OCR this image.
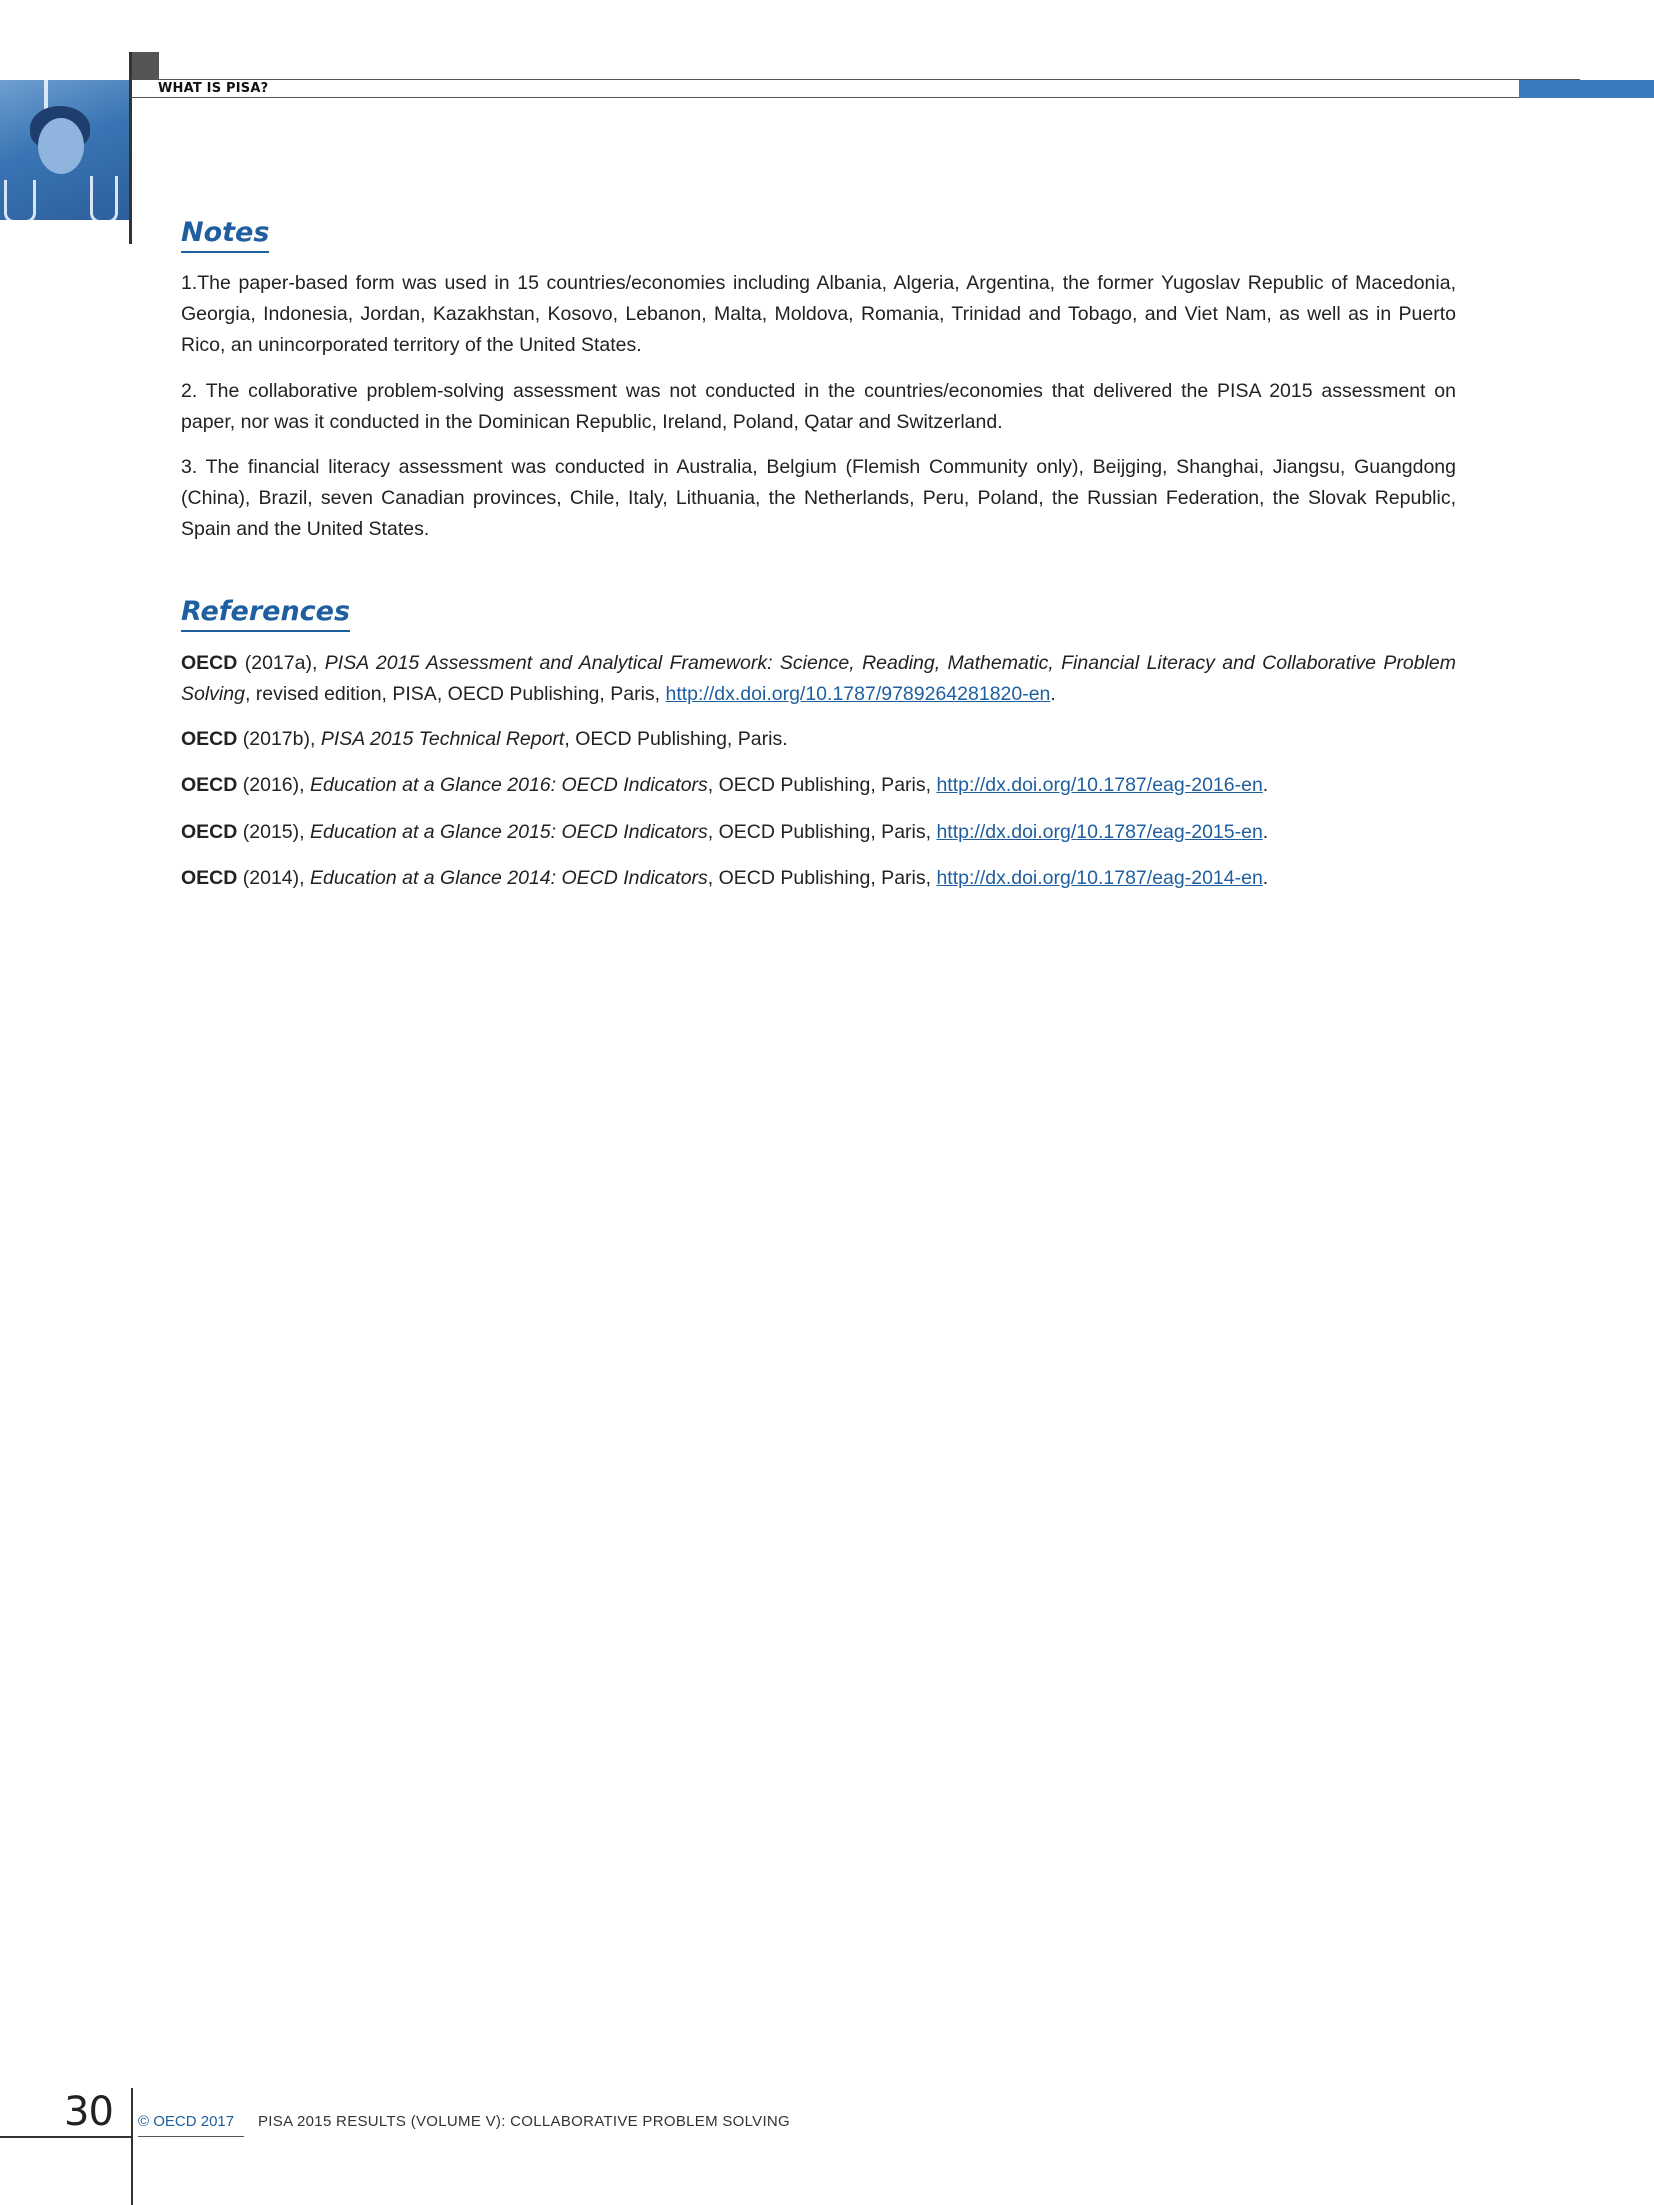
WHAT IS PISA?
Notes

1.The paper-based form was used in 15 countries/economies including Albania, Algeria, Argentina, the former Yugoslav Republic of Macedonia, Georgia, Indonesia, Jordan, Kazakhstan, Kosovo, Lebanon, Malta, Moldova, Romania, Trinidad and Tobago, and Viet Nam, as well as in Puerto Rico, an unincorporated territory of the United States.

2. The collaborative problem-solving assessment was not conducted in the countries/economies that delivered the PISA 2015 assessment on paper, nor was it conducted in the Dominican Republic, Ireland, Poland, Qatar and Switzerland.

3. The financial literacy assessment was conducted in Australia, Belgium (Flemish Community only), Beijging, Shanghai, Jiangsu, Guangdong (China), Brazil, seven Canadian provinces, Chile, Italy, Lithuania, the Netherlands, Peru, Poland, the Russian Federation, the Slovak Republic, Spain and the United States.

References

OECD (2017a), PISA 2015 Assessment and Analytical Framework: Science, Reading, Mathematic, Financial Literacy and Collaborative Problem Solving, revised edition, PISA, OECD Publishing, Paris, http://dx.doi.org/10.1787/9789264281820-en.

OECD (2017b), PISA 2015 Technical Report, OECD Publishing, Paris.

OECD (2016), Education at a Glance 2016: OECD Indicators, OECD Publishing, Paris, http://dx.doi.org/10.1787/eag-2016-en.

OECD (2015), Education at a Glance 2015: OECD Indicators, OECD Publishing, Paris, http://dx.doi.org/10.1787/eag-2015-en.

OECD (2014), Education at a Glance 2014: OECD Indicators, OECD Publishing, Paris, http://dx.doi.org/10.1787/eag-2014-en.

30 © OECD 2017 PISA 2015 RESULTS (VOLUME V): COLLABORATIVE PROBLEM SOLVING
